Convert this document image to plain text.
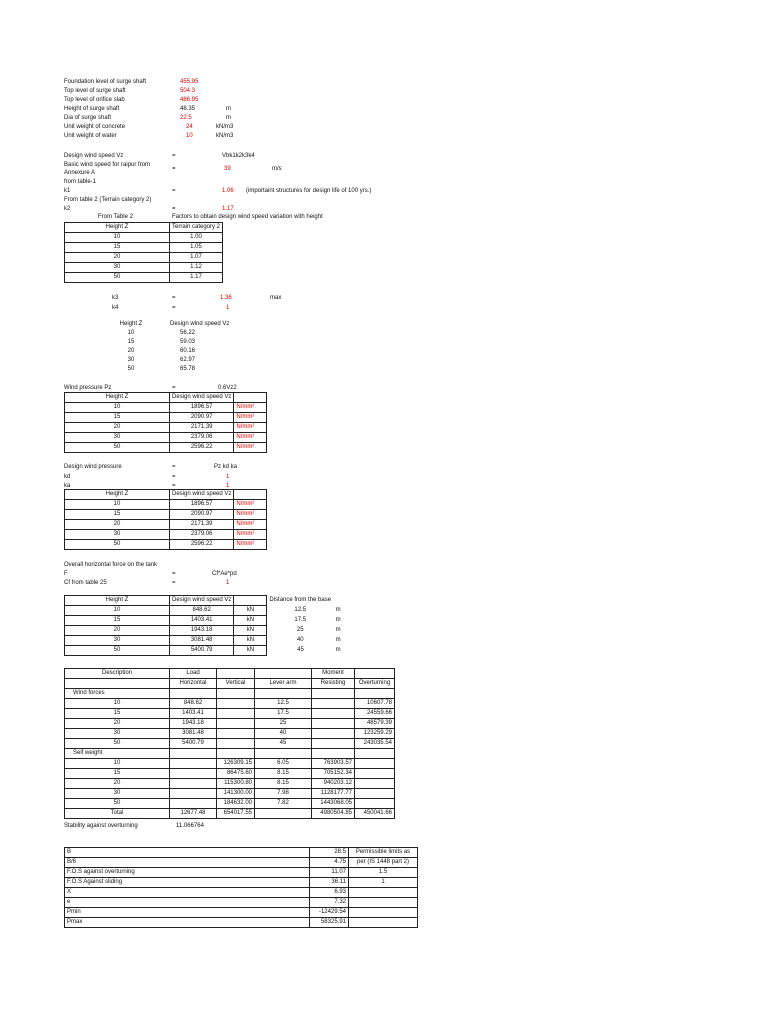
Foundation level of surge shaft	455.95
Top level of surge shaft	504.3
Top level of orifice slab	466.95
Height of surge shaft	48.35	m
Dia of surge shaft	22.5	m
Unit weight of concrete	24	kN/m3
Unit weight of water	10	kN/m3
Design wind speed Vz	=	Vbk1k2k3k4
Basic wind speed for raipur from
Annexure A
=	39	m/s
from table-1
k1	=	1.06 (importaint structures for design life of 100 yrs.)
From table 2 (Terrain category 2)
k2	=	1.17
From Table 2	Factors to obtain design wind speed variation with height
Height Z	Terrain category 2
10	1.00
15	1.05
20	1.07
30	1.12
50	1.17
k3	=	1.36	max
k4	=	1
Height Z	Design wind speed Vz
10	56.22
15	59.03
20	60.16
30	62.97
50	65.78
Wind pressure Pz	=	0.6Vz2
Height Z	Design wind speed Vz	
10	1896.57	N/mm²
15	2090.97	N/mm²
20	2171.39	N/mm²
30	2379.06	N/mm²
50	2596.22	N/mm²
Design wind pressure	=	Pz kd ka
kd	=	1
ka	=	1
Height Z	Design wind speed Vz	
10	1896.57	N/mm²
15	2090.97	N/mm²
20	2171.39	N/mm²
30	2379.06	N/mm²
50	2596.22	N/mm²
Overall horizontal force on the tank
F	=	Cf*Ae*pd
Cf from table 25	=	1
Height Z	Design wind speed Vz		Distance from the base	
10	848.62	kN	12.5	m
15	1403.41	kN	17.5	m
20	1943.18	kN	25	m
30	3081.48	kN	40	m
50	5400.79	kN	45	m
Description	Load			Moment	
	Horizontal	Vertical	Lever arm	Resisting	Overturning
Wind forces					
10	848.62		12.5		10607.78
15	1403.41		17.5		24559.66
20	1943.18		25		48579.39
30	3081.48		40		123259.29
50	5400.79		45		243035.54
Self weight					
10		126309.15	6.05	763903.57	
15		86475.60	8.15	705152.34	
20		115300.80	8.15	940203.12	
30		141300.00	7.98	1128177.77	
50		184632.00	7.82	1443068.05	
Total	12677.48	654017.55		4980504.85	450041.66
Stability against overturning	11.066764
B	28.5	Permissible limits as
B/6	4.75	per (IS 1448 part 2)
F.O.S against overturning	11.07	1.5
F.O.S Against sliding	36.11	1
X	6.93	
e	7.32	
Pmin	-12429.54	
Pmax	58325.91	
